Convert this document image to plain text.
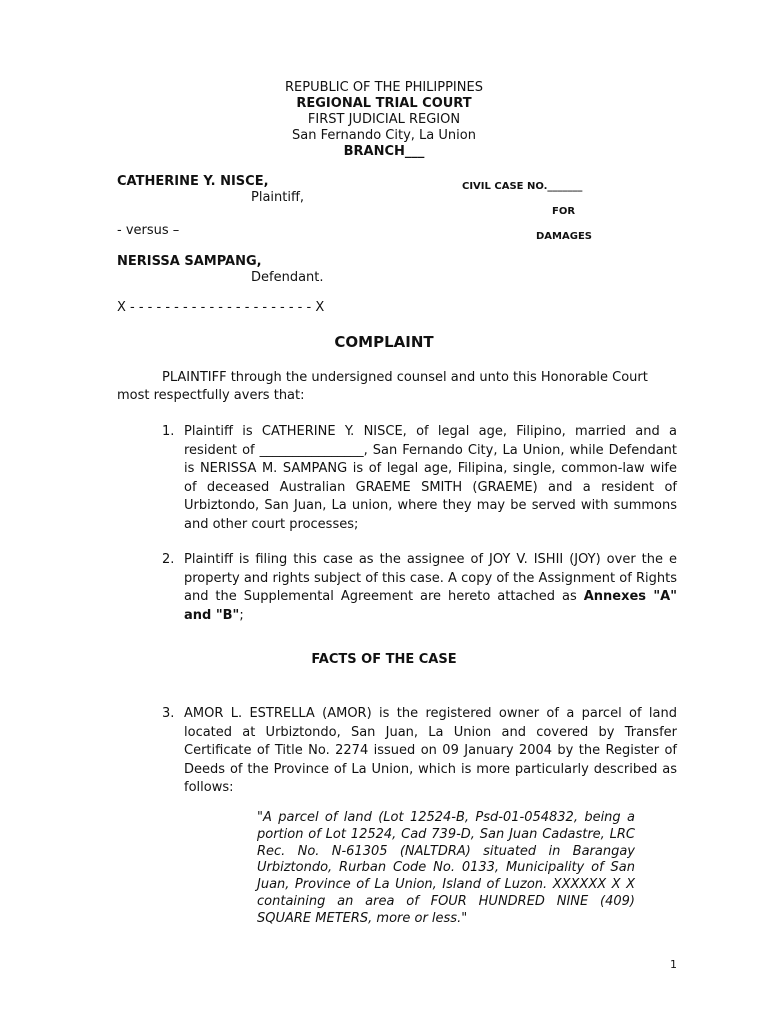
REPUBLIC OF THE PHILIPPINES
REGIONAL TRIAL COURT
FIRST JUDICIAL REGION
San Fernando City, La Union
BRANCH___
CATHERINE Y. NISCE,
Plaintiff,
- versus –
NERISSA SAMPANG,
Defendant.
CIVIL CASE NO._______
FOR
DAMAGES
X - - - - - - - - - - - - - - - - - - - - - X
COMPLAINT
PLAINTIFF through the undersigned counsel and unto this Honorable Court
most respectfully avers that:
1. Plaintiff is CATHERINE Y. NISCE, of legal age, Filipino, married and a resident of ________________, San Fernando City, La Union, while Defendant is NERISSA M. SAMPANG is of legal age, Filipina, single, common-law wife of deceased Australian GRAEME SMITH (GRAEME) and a resident of Urbiztondo, San Juan, La union, where they may be served with summons and other court processes;
2. Plaintiff is filing this case as the assignee of JOY V. ISHII (JOY) over the e property and rights subject of this case. A copy of the Assignment of Rights and the Supplemental Agreement are hereto attached as Annexes "A" and "B";
FACTS OF THE CASE
3. AMOR L. ESTRELLA (AMOR) is the registered owner of a parcel of land located at Urbiztondo, San Juan, La Union and covered by Transfer Certificate of Title No. 2274 issued on 09 January 2004 by the Register of Deeds of the Province of La Union, which is more particularly described as follows:
"A parcel of land (Lot 12524-B, Psd-01-054832, being a portion of Lot 12524, Cad 739-D, San Juan Cadastre, LRC Rec. No. N-61305 (NALTDRA) situated in Barangay Urbiztondo, Rurban Code No. 0133, Municipality of San Juan, Province of La Union, Island of Luzon. XXXXXX X X containing an area of FOUR HUNDRED NINE (409) SQUARE METERS, more or less."
1
